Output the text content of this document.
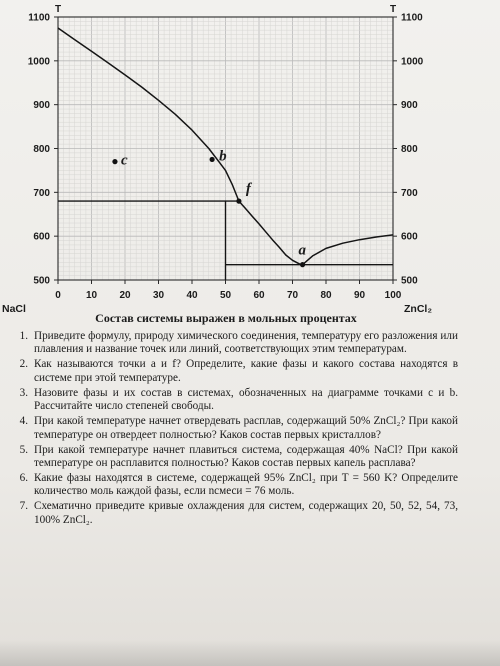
500	500
600	600
700	700
800	800
900	900
1000	1000
1100	1100
0	10 20 30 40 50 60 70 80 90 100
T	T
NaCl	ZnCl₂
Состав системы выражен в мольных процентах
c	b
f
a
1. Приведите формулу, природу химического соединения, температуру его разложения или плавления и название точек или линий, соответствующих этим температурам.
2. Как называются точки a и f? Определите, какие фазы и какого состава находятся в системе при этой температуре.
3. Назовите фазы и их состав в системах, обозначенных на диаграмме точками c и b. Рассчитайте число степеней свободы.
4. При какой температуре начнет отвердевать расплав, содержащий 50% ZnCl₂? При какой температуре он отвердеет полностью? Каков состав первых кристаллов?
5. При какой температуре начнет плавиться система, содержащая 40% NaCl? При какой температуре он расплавится полностью? Каков состав первых капель расплава?
6. Какие фазы находятся в системе, содержащей 95% ZnCl₂ при T = 560 K? Определите количество моль каждой фазы, если nсмеси = 76 моль.
7. Схематично приведите кривые охлаждения для систем, содержащих 20, 50, 52, 54, 73, 100% ZnCl₂.
